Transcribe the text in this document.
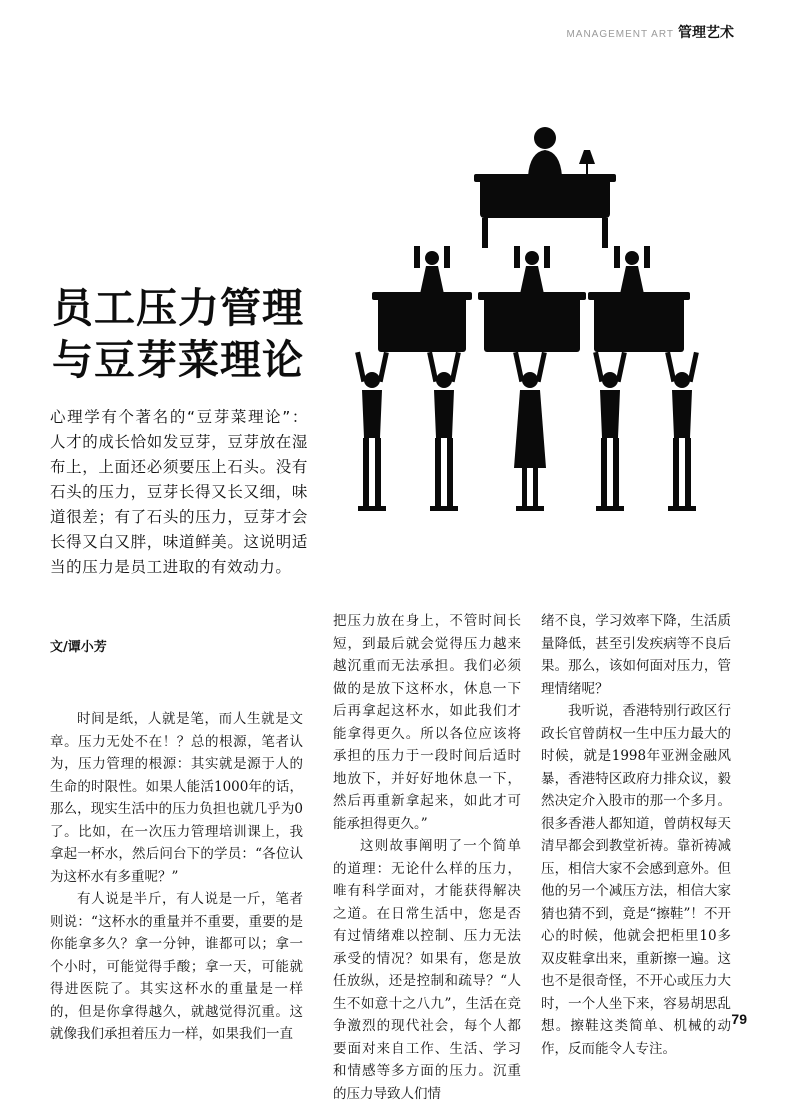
MANAGEMENT ART 管理艺术
员工压力管理
与豆芽菜理论

心理学有个著名的“豆芽菜理论”：人才的成长恰如发豆芽，豆芽放在湿布上，上面还必须要压上石头。没有石头的压力，豆芽长得又长又细，味道很差；有了石头的压力，豆芽才会长得又白又胖，味道鲜美。这说明适当的压力是员工进取的有效动力。

文/谭小芳

时间是纸，人就是笔，而人生就是文章。压力无处不在！？总的根源，笔者认为，压力管理的根源：其实就是源于人的生命的时限性。如果人能活1000年的话，那么，现实生活中的压力负担也就几乎为0了。比如，在一次压力管理培训课上，我拿起一杯水，然后问台下的学员：“各位认为这杯水有多重呢？”

有人说是半斤，有人说是一斤，笔者则说：“这杯水的重量并不重要，重要的是你能拿多久？拿一分钟，谁都可以；拿一个小时，可能觉得手酸；拿一天，可能就得进医院了。其实这杯水的重量是一样的，但是你拿得越久，就越觉得沉重。这就像我们承担着压力一样，如果我们一直

把压力放在身上，不管时间长短，到最后就会觉得压力越来越沉重而无法承担。我们必须做的是放下这杯水，休息一下后再拿起这杯水，如此我们才能拿得更久。所以各位应该将承担的压力于一段时间后适时地放下，并好好地休息一下，然后再重新拿起来，如此才可能承担得更久。”

这则故事阐明了一个简单的道理：无论什么样的压力，唯有科学面对，才能获得解决之道。在日常生活中，您是否有过情绪难以控制、压力无法承受的情况？如果有，您是放任放纵，还是控制和疏导？“人生不如意十之八九”，生活在竞争激烈的现代社会，每个人都要面对来自工作、生活、学习和情感等多方面的压力。沉重的压力导致人们情

绪不良，学习效率下降，生活质量降低，甚至引发疾病等不良后果。那么，该如何面对压力，管理情绪呢？

我听说，香港特别行政区行政长官曾荫权一生中压力最大的时候，就是1998年亚洲金融风暴，香港特区政府力排众议，毅然决定介入股市的那一个多月。很多香港人都知道，曾荫权每天清早都会到教堂祈祷。靠祈祷减压，相信大家不会感到意外。但他的另一个减压方法，相信大家猜也猜不到，竟是“擦鞋”！不开心的时候，他就会把柜里10多双皮鞋拿出来，重新擦一遍。这也不是很奇怪，不开心或压力大时，一个人坐下来，容易胡思乱想。擦鞋这类简单、机械的动作，反而能令人专注。

79
